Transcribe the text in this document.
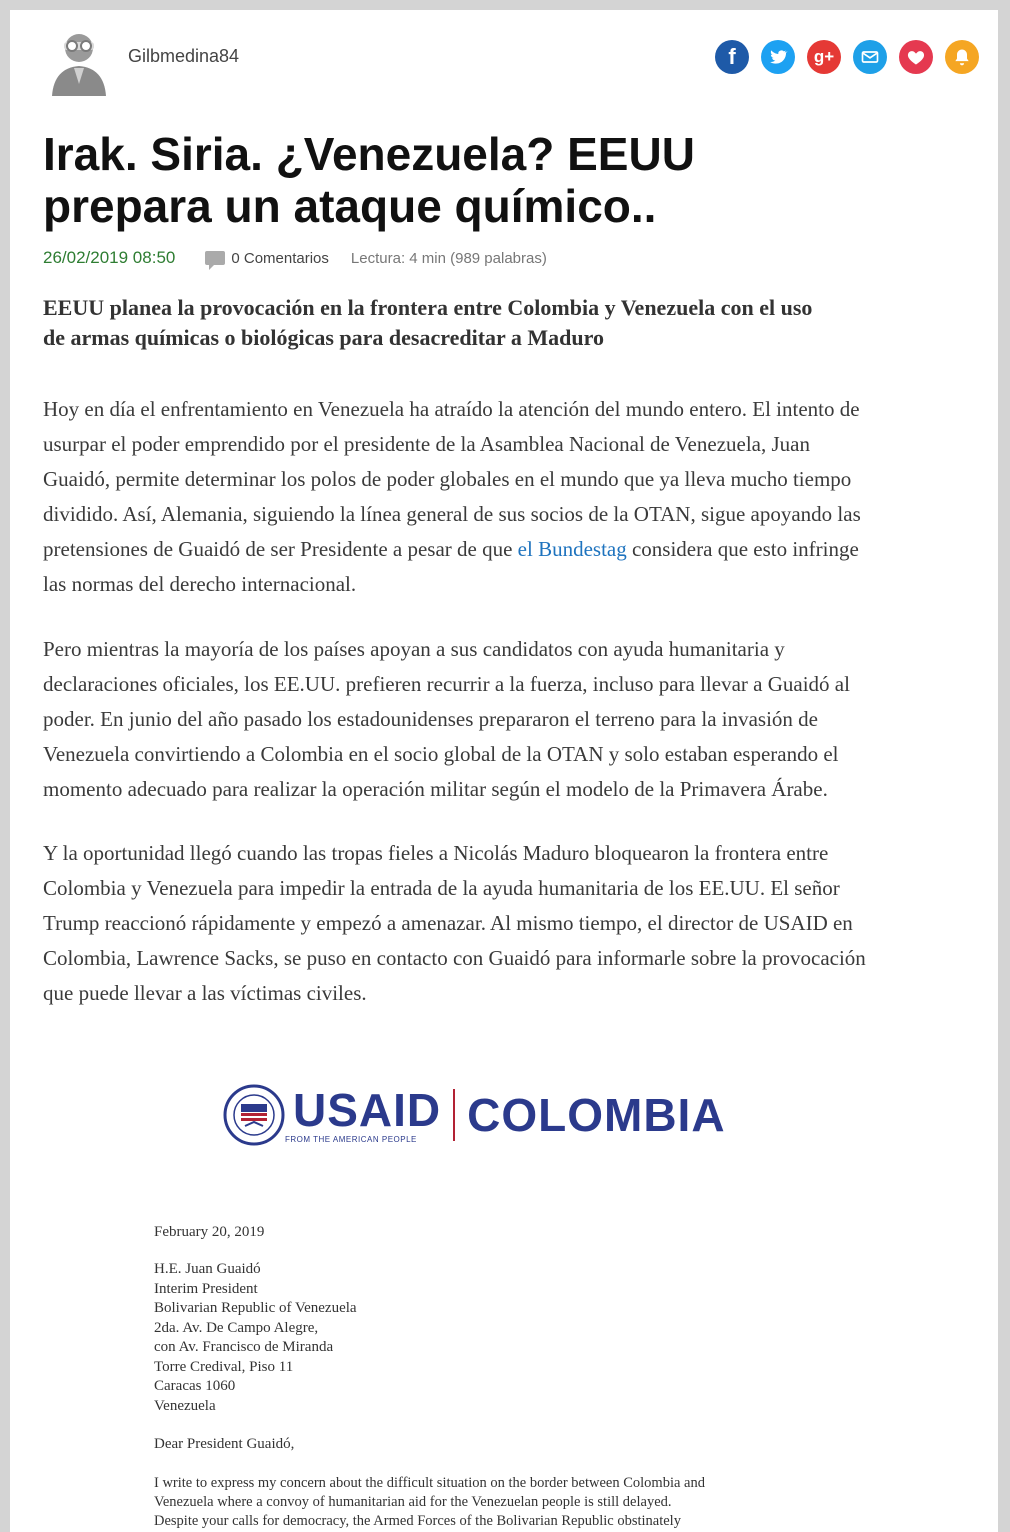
Gilbmedina84	f	g+
Irak. Siria. ¿Venezuela? EEUU
prepara un ataque químico..
26/02/2019 08:50	0 Comentarios Lectura: 4 min (989 palabras)

EEUU planea la provocación en la frontera entre Colombia y Venezuela con el uso
de armas químicas o biológicas para desacreditar a Maduro

Hoy en día el enfrentamiento en Venezuela ha atraído la atención del mundo entero. El intento de
usurpar el poder emprendido por el presidente de la Asamblea Nacional de Venezuela, Juan
Guaidó, permite determinar los polos de poder globales en el mundo que ya lleva mucho tiempo
dividido. Así, Alemania, siguiendo la línea general de sus socios de la OTAN, sigue apoyando las
pretensiones de Guaidó de ser Presidente a pesar de que el Bundestag considera que esto infringe
las normas del derecho internacional.

Pero mientras la mayoría de los países apoyan a sus candidatos con ayuda humanitaria y
declaraciones oficiales, los EE.UU. prefieren recurrir a la fuerza, incluso para llevar a Guaidó al
poder. En junio del año pasado los estadounidenses prepararon el terreno para la invasión de
Venezuela convirtiendo a Colombia en el socio global de la OTAN y solo estaban esperando el
momento adecuado para realizar la operación militar según el modelo de la Primavera Árabe.

Y la oportunidad llegó cuando las tropas fieles a Nicolás Maduro bloquearon la frontera entre
Colombia y Venezuela para impedir la entrada de la ayuda humanitaria de los EE.UU. El señor
Trump reaccionó rápidamente y empezó a amenazar. Al mismo tiempo, el director de USAID en
Colombia, Lawrence Sacks, se puso en contacto con Guaidó para informarle sobre la provocación
que puede llevar a las víctimas civiles.

USAID
FROM THE AMERICAN PEOPLE	COLOMBIA
February 20, 2019
H.E. Juan Guaidó
Interim President
Bolivarian Republic of Venezuela
2da. Av. De Campo Alegre,
con Av. Francisco de Miranda
Torre Credival, Piso 11
Caracas 1060
Venezuela
Dear President Guaidó,
I write to express my concern about the difficult situation on the border between Colombia and
Venezuela where a convoy of humanitarian aid for the Venezuelan people is still delayed.
Despite your calls for democracy, the Armed Forces of the Bolivarian Republic obstinately
